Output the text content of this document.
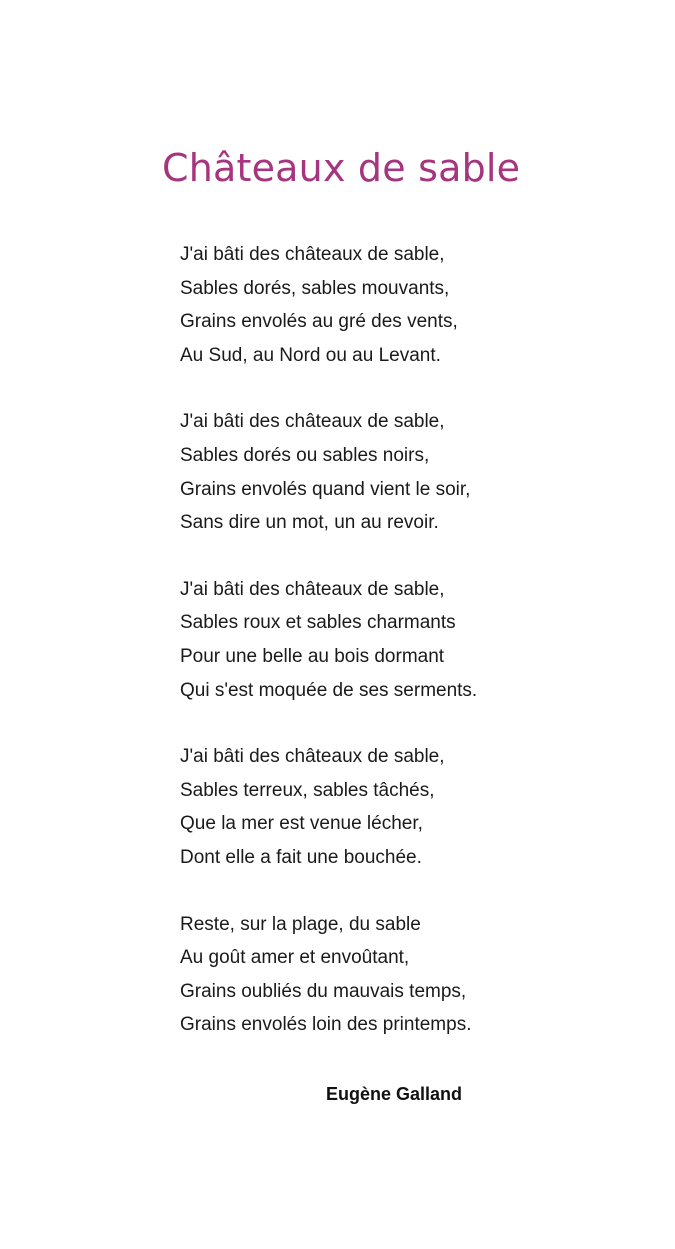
Châteaux de sable
J'ai bâti des châteaux de sable,
Sables dorés, sables mouvants,
Grains envolés au gré des vents,
Au Sud, au Nord ou au Levant.
J'ai bâti des châteaux de sable,
Sables dorés ou sables noirs,
Grains envolés quand vient le soir,
Sans dire un mot, un au revoir.
J'ai bâti des châteaux de sable,
Sables roux et sables charmants
Pour une belle au bois dormant
Qui s'est moquée de ses serments.
J'ai bâti des châteaux de sable,
Sables terreux, sables tâchés,
Que la mer est venue lécher,
Dont elle a fait une bouchée.
Reste, sur la plage, du sable
Au goût amer et envoûtant,
Grains oubliés du mauvais temps,
Grains envolés loin des printemps.
Eugène Galland
